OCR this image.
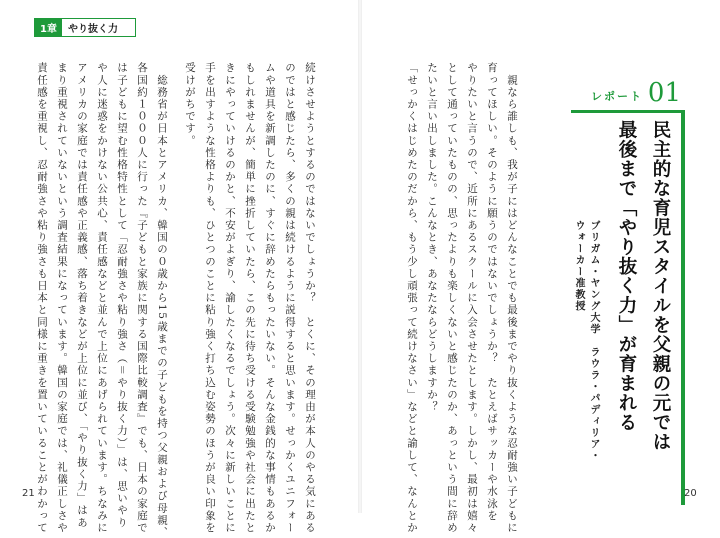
1章	やり抜く力
続けさせようとするのではないでしょうか？　とくに、その理由が本人のやる気にある
のではと感じたら、多くの親は続けるように説得すると思います。せっかくユニフォー
ムや道具を新調したのに、すぐに辞めたらもったいない。そんな金銭的な事情もあるか
もしれませんが、簡単に挫折していたら、この先に待ち受ける受験勉強や社会に出たと
きにやっていけるのかと、不安がよぎり、諭したくなるでしょう。次々に新しいことに
手を出すような性格よりも、ひとつのことに粘り強く打ち込む姿勢のほうが良い印象を
受けがちです。
　総務省が日本とアメリカ、韓国の０歳から15歳までの子どもを持つ父親および母親、
各国約１０００人に行った『子どもと家族に関する国際比較調査』でも、日本の家庭で
は子どもに望む性格特性として「忍耐強さや粘り強さ（＝やり抜く力）」は、思いやり
や人に迷惑をかけない公共心、責任感などと並んで上位にあげられています。ちなみに
アメリカの家庭では責任感や正義感、落ち着きなどが上位に並び、「やり抜く力」はあ
まり重視されていないという調査結果になっています。韓国の家庭では、礼儀正しさや
責任感を重視し、忍耐強さや粘り強さも日本と同様に重きを置いていることがわかって	　親なら誰しも、我が子にはどんなことでも最後までやり抜くような忍耐強い子どもに
育ってほしい。そのように願うのではないでしょうか？　たとえばサッカーや水泳を
やりたいと言うので、近所にあるスクールに入会させたとします。しかし、最初は嬉々
として通っていたものの、思ったよりも楽しくないと感じたのか、あっという間に辞め
たいと言い出しました。こんなとき、あなたならどうしますか？
「せっかくはじめたのだから、もう少し頑張って続けなさい」などと諭して、なんとか	レポート 01
民主的な育児スタイルを父親の元では
最後まで「やり抜く力」が育まれる
ブリガム・ヤング大学　ラウラ・パディリア・ウォーカー准教授
21	20
